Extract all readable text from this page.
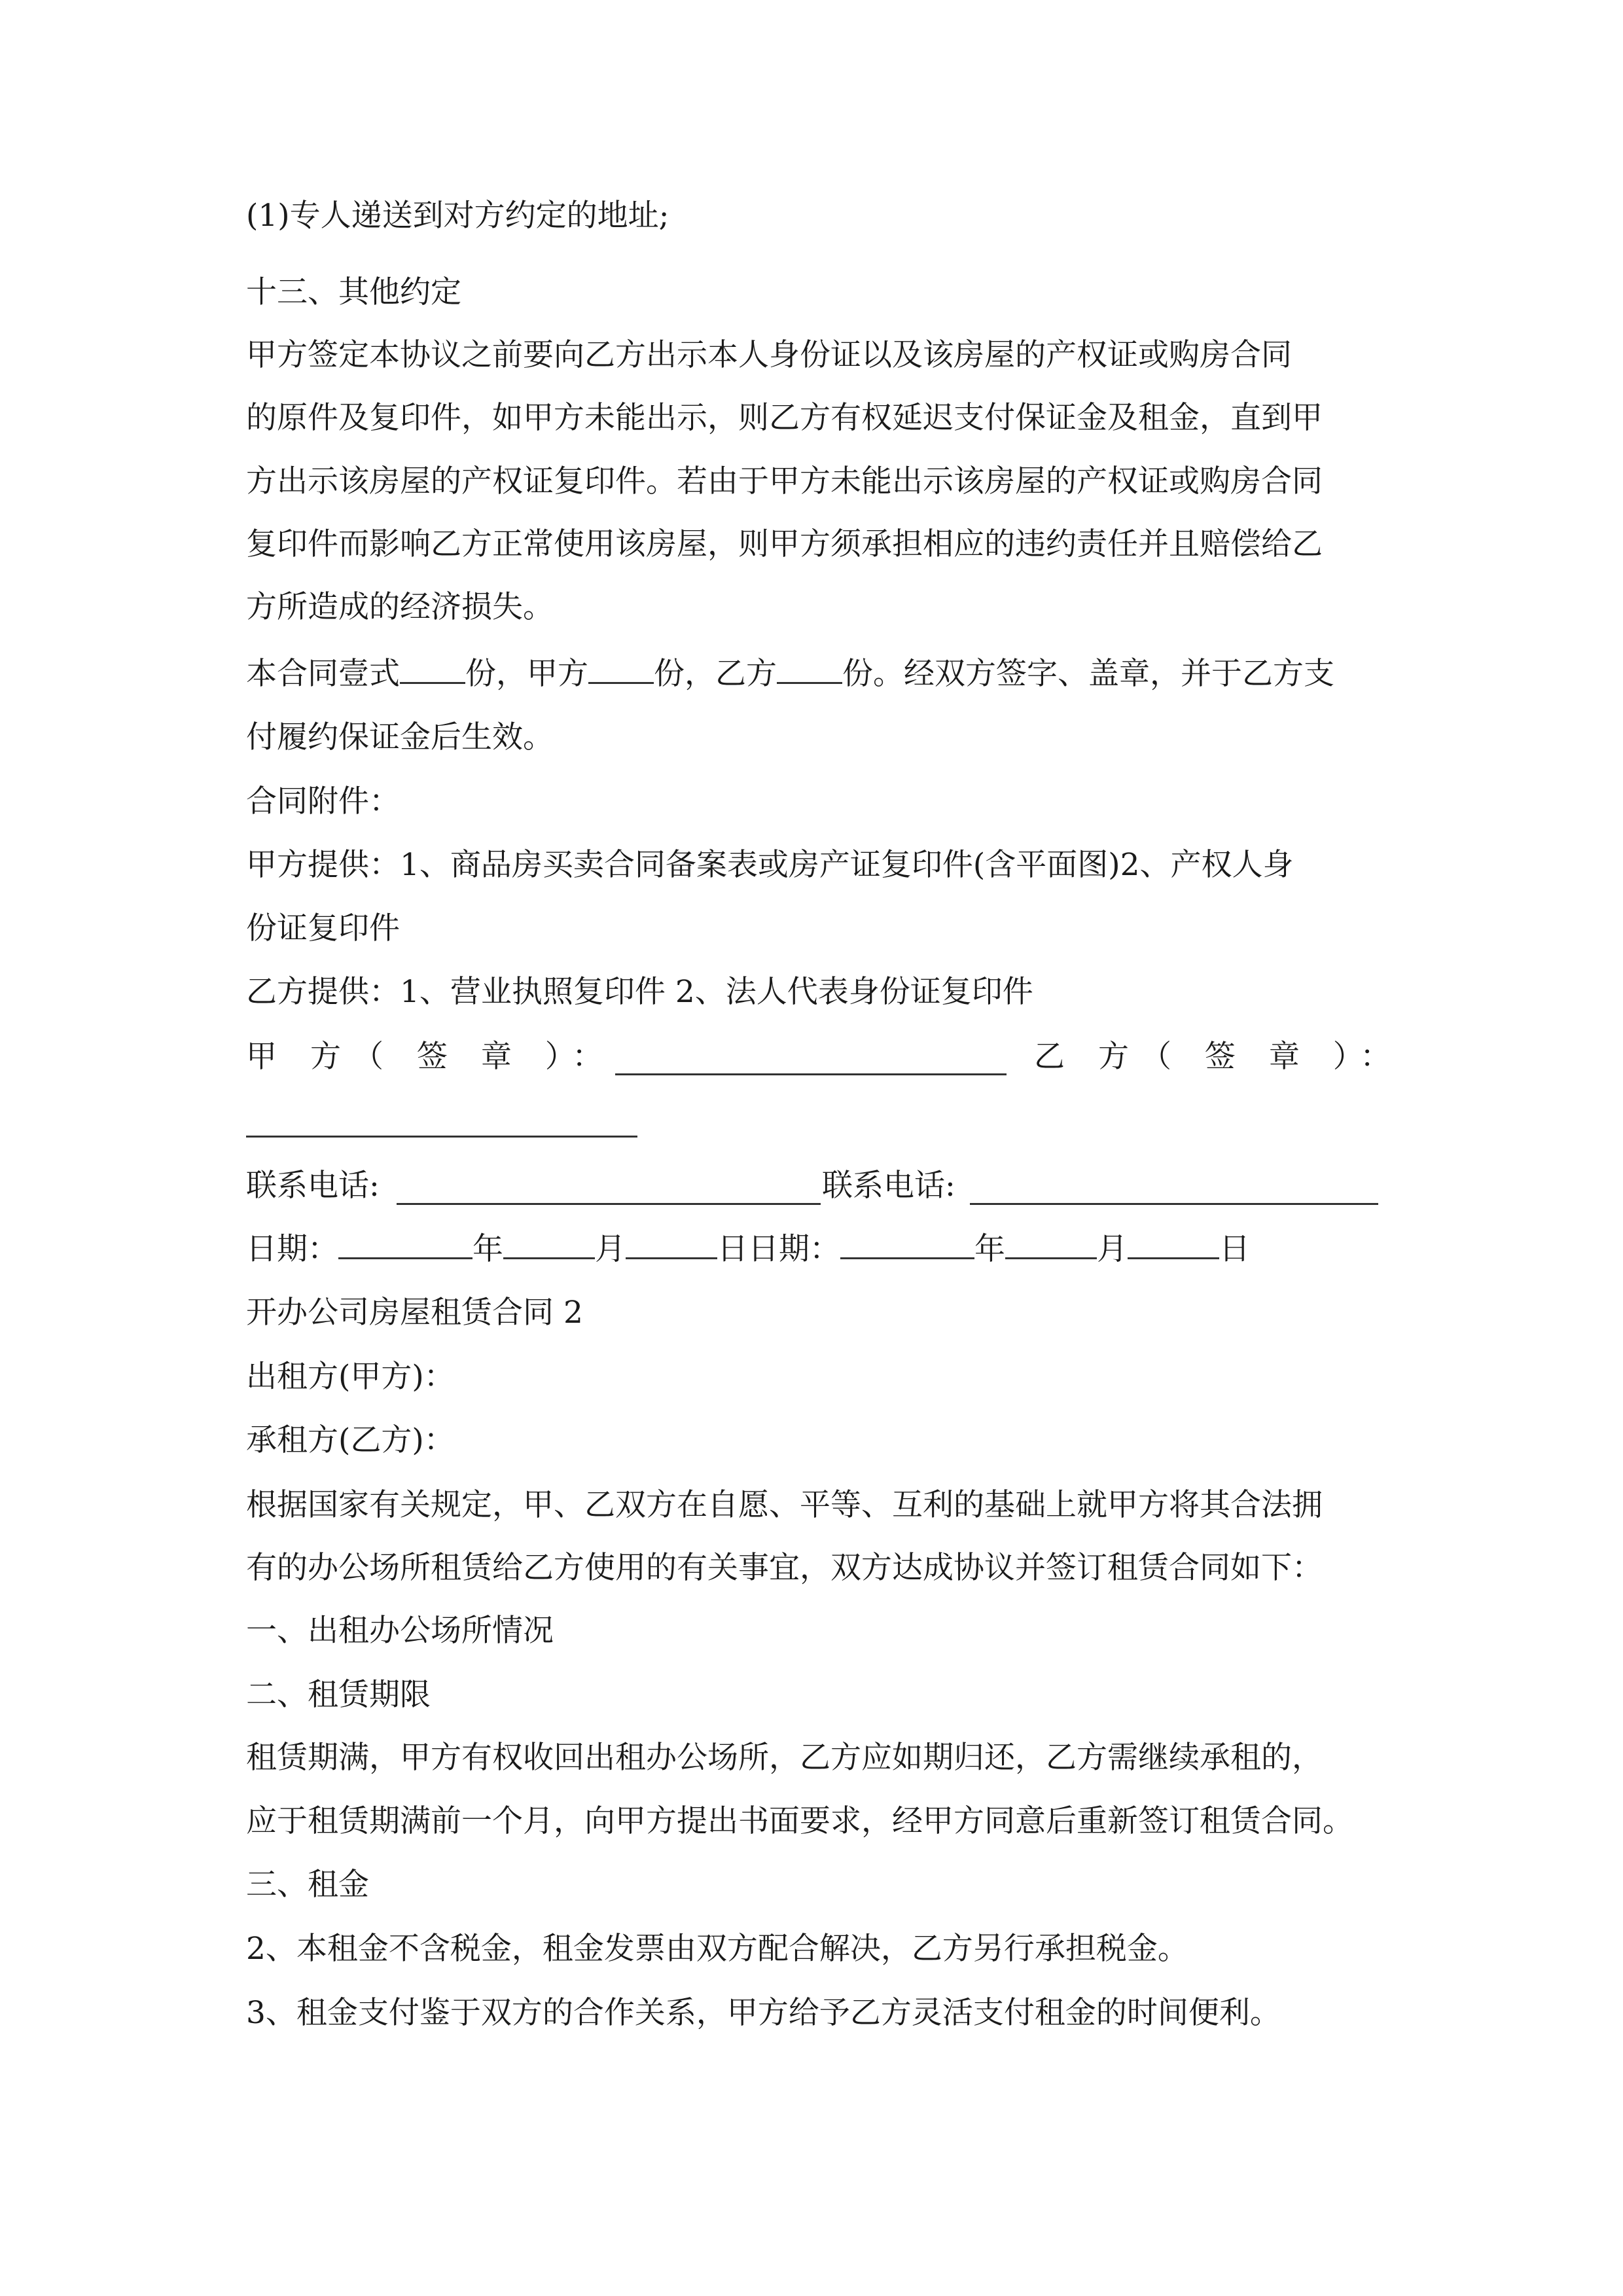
(1)专人递送到对方约定的地址;
十三、其他约定
甲方签定本协议之前要向乙方出示本人身份证以及该房屋的产权证或购房合同
的原件及复印件，如甲方未能出示，则乙方有权延迟支付保证金及租金，直到甲
方出示该房屋的产权证复印件。若由于甲方未能出示该房屋的产权证或购房合同
复印件而影响乙方正常使用该房屋，则甲方须承担相应的违约责任并且赔偿给乙
方所造成的经济损失。
本合同壹式 份，甲方 份，乙方 份。经双方签字、盖章，并于乙方支
付履约保证金后生效。
合同附件：
甲方提供：1、商品房买卖合同备案表或房产证复印件(含平面图)2、产权人身
份证复印件
乙方提供：1、营业执照复印件 2、法人代表身份证复印件
甲 方（ 签 章 ）：	乙 方（ 签 章 ）：
联系电话:	联系电话:
日期：	年	月	日日期：	年	月	日
开办公司房屋租赁合同 2
出租方(甲方)：
承租方(乙方)：
根据国家有关规定，甲、乙双方在自愿、平等、互利的基础上就甲方将其合法拥
有的办公场所租赁给乙方使用的有关事宜，双方达成协议并签订租赁合同如下：
一、出租办公场所情况
二、租赁期限
租赁期满，甲方有权收回出租办公场所，乙方应如期归还，乙方需继续承租的，
应于租赁期满前一个月，向甲方提出书面要求，经甲方同意后重新签订租赁合同。
三、租金
2、本租金不含税金，租金发票由双方配合解决，乙方另行承担税金。
3、租金支付鉴于双方的合作关系，甲方给予乙方灵活支付租金的时间便利。
